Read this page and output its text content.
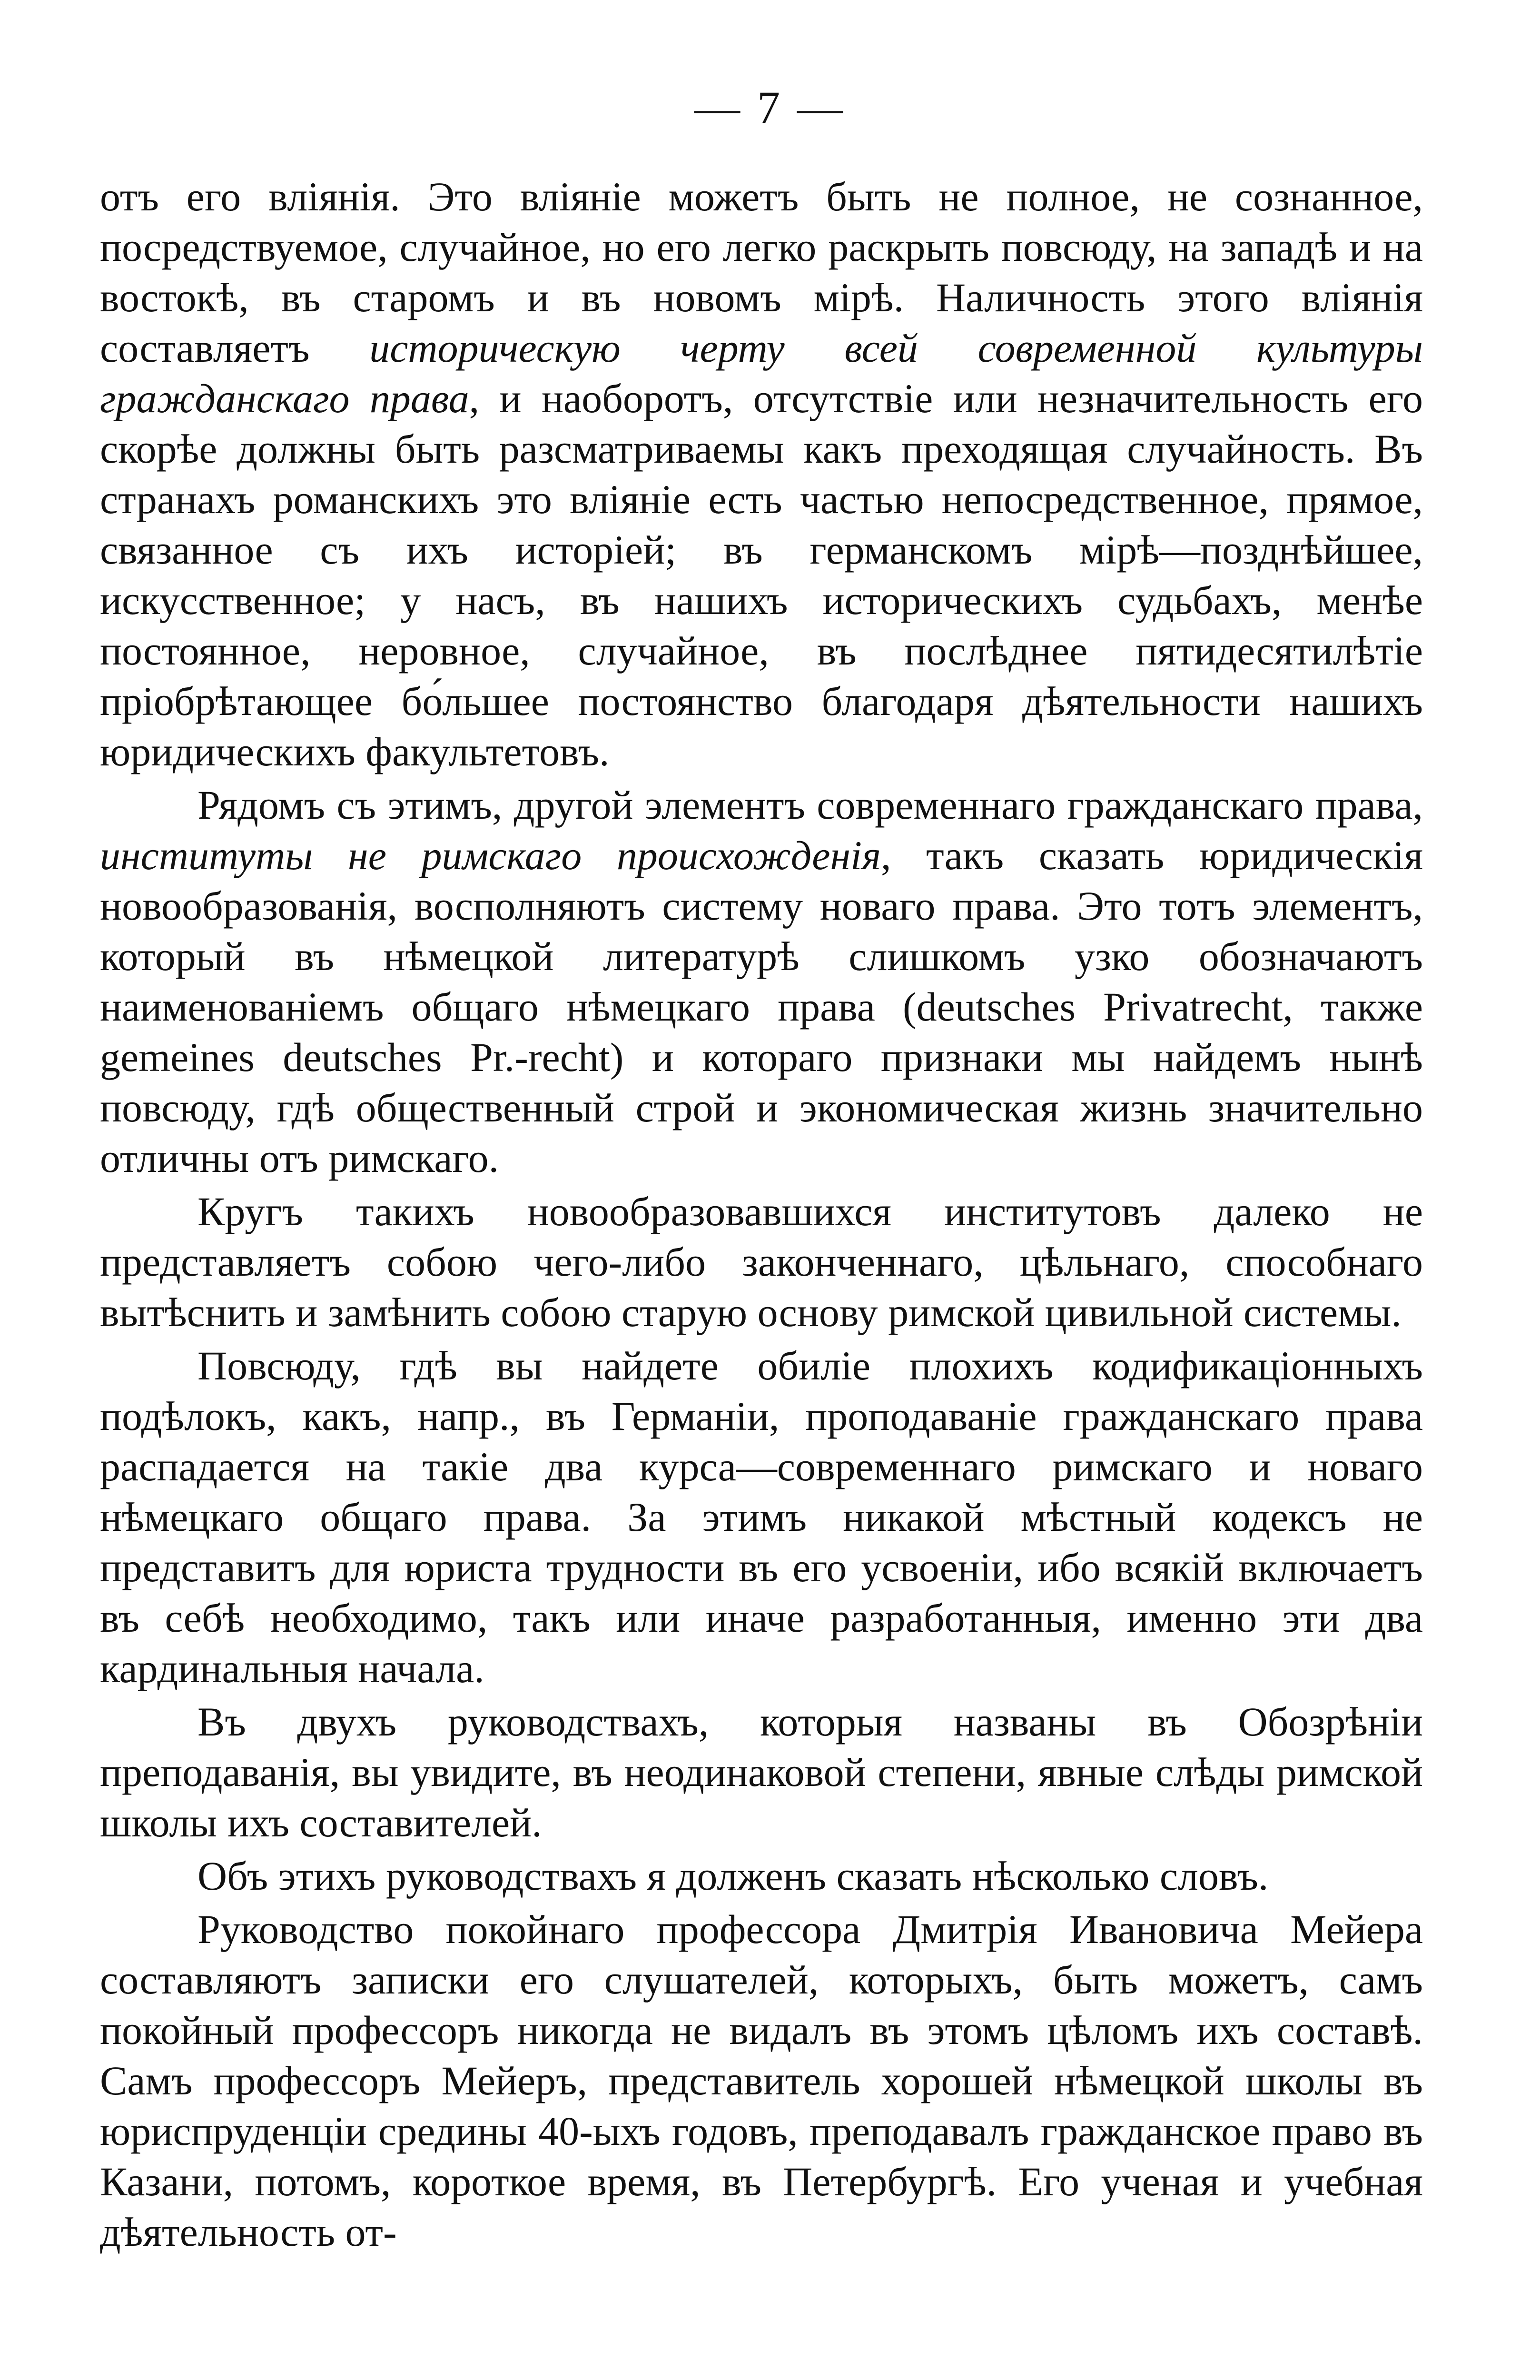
— 7 —

отъ его вліянія. Это вліяніе можетъ быть не полное, не сознанное, посредствуемое, случайное, но его легко раскрыть повсюду, на западѣ и на востокѣ, въ старомъ и въ новомъ мірѣ. Наличность этого вліянія составляетъ историческую черту всей современной культуры гражданскаго права, и наоборотъ, отсутствіе или незначительность его скорѣе должны быть разсматриваемы какъ преходящая случайность. Въ странахъ романскихъ это вліяніе есть частью непосредственное, прямое, связанное съ ихъ исторіей; въ германскомъ мірѣ—позднѣйшее, искусственное; у насъ, въ нашихъ историческихъ судьбахъ, менѣе постоянное, неровное, случайное, въ послѣднее пятидесятилѣтіе пріобрѣтающее бо́льшее постоянство благодаря дѣятельности нашихъ юридическихъ факультетовъ.

Рядомъ съ этимъ, другой элементъ современнаго гражданскаго права, институты не римскаго происхожденія, такъ сказать юридическія новообразованія, восполняютъ систему новаго права. Это тотъ элементъ, который въ нѣмецкой литературѣ слишкомъ узко обозначаютъ наименованіемъ общаго нѣмецкаго права (deutsches Privatrecht, также gemeines deutsches Pr.-recht) и котораго признаки мы найдемъ нынѣ повсюду, гдѣ общественный строй и экономическая жизнь значительно отличны отъ римскаго.

Кругъ такихъ новообразовавшихся институтовъ далеко не представляетъ собою чего-либо законченнаго, цѣльнаго, способнаго вытѣснить и замѣнить собою старую основу римской цивильной системы.

Повсюду, гдѣ вы найдете обиліе плохихъ кодификаціонныхъ подѣлокъ, какъ, напр., въ Германіи, проподаваніе гражданскаго права распадается на такіе два курса—современнаго римскаго и новаго нѣмецкаго общаго права. За этимъ никакой мѣстный кодексъ не представитъ для юриста трудности въ его усвоеніи, ибо всякій включаетъ въ себѣ необходимо, такъ или иначе разработанныя, именно эти два кардинальныя начала.

Въ двухъ руководствахъ, которыя названы въ Обозрѣніи преподаванія, вы увидите, въ неодинаковой степени, явные слѣды римской школы ихъ составителей.

Объ этихъ руководствахъ я долженъ сказать нѣсколько словъ.

Руководство покойнаго профессора Дмитрія Ивановича Мейера составляютъ записки его слушателей, которыхъ, быть можетъ, самъ покойный профессоръ никогда не видалъ въ этомъ цѣломъ ихъ составѣ. Самъ профессоръ Мейеръ, представитель хорошей нѣмецкой школы въ юриспруденціи средины 40-ыхъ годовъ, преподавалъ гражданское право въ Казани, потомъ, короткое время, въ Петербургѣ. Его ученая и учебная дѣятельность от-
